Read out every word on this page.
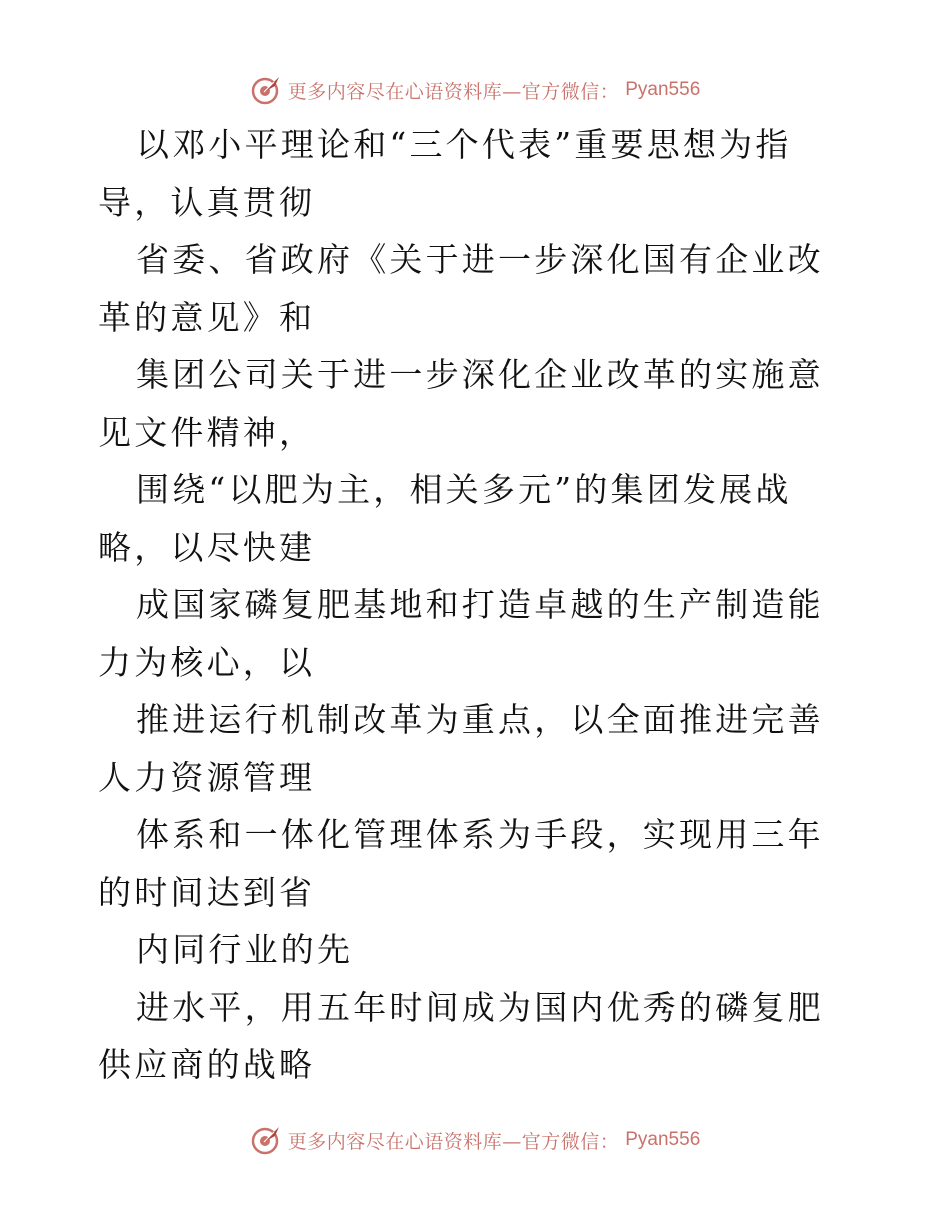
更多内容尽在心语资料库—官方微信： Pyan556

以邓小平理论和“三个代表”重要思想为指导，认真贯彻

省委、省政府《关于进一步深化国有企业改革的意见》和

集团公司关于进一步深化企业改革的实施意见文件精神，

围绕“以肥为主，相关多元”的集团发展战略，以尽快建

成国家磷复肥基地和打造卓越的生产制造能力为核心，以

推进运行机制改革为重点，以全面推进完善人力资源管理

体系和一体化管理体系为手段，实现用三年的时间达到省

内同行业的先

进水平，用五年时间成为国内优秀的磷复肥供应商的战略

更多内容尽在心语资料库—官方微信： Pyan556
